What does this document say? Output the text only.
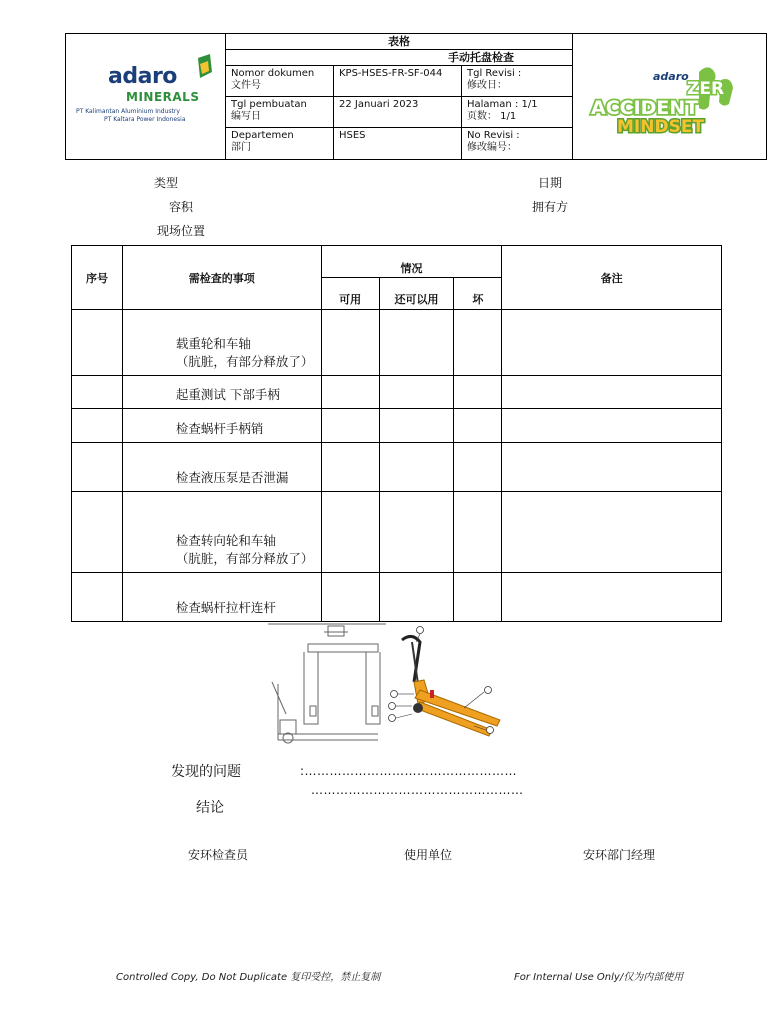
adaro
MINERALS
PT Kalimantan Aluminium Industry
PT Kaltara Power Indonesia
表格
手动托盘检查
Nomor dokumen
文件号
KPS-HSES-FR-SF-044	Tgl Revisi :
修改日：
Tgl pembuatan
编写日
22 Januari 2023	Halaman : 1/1
页数： 1/1
Departemen
部门
HSES	No Revisi :
修改编号：
adaro
ZER
ACCIDENT
MINDSET
类型
容积
现场位置
日期
拥有方
序号	需检查的事项	情况			备注
		可用	还可以用	坏	

	载重轮和车轴
（肮脏，有部分释放了）				

	起重测试 下部手柄				

	检查蜗杆手柄销				

	检查液压泵是否泄漏				

	检查转向轮和车轴
（肮脏，有部分释放了）				

	检查蜗杆拉杆连杆				

发现的问题	:……………………………………………
……………………………………………
结论
安环检查员	使用单位	安环部门经理
Controlled Copy, Do Not Duplicate 复印受控，禁止复制	For Internal Use Only/仅为内部使用
